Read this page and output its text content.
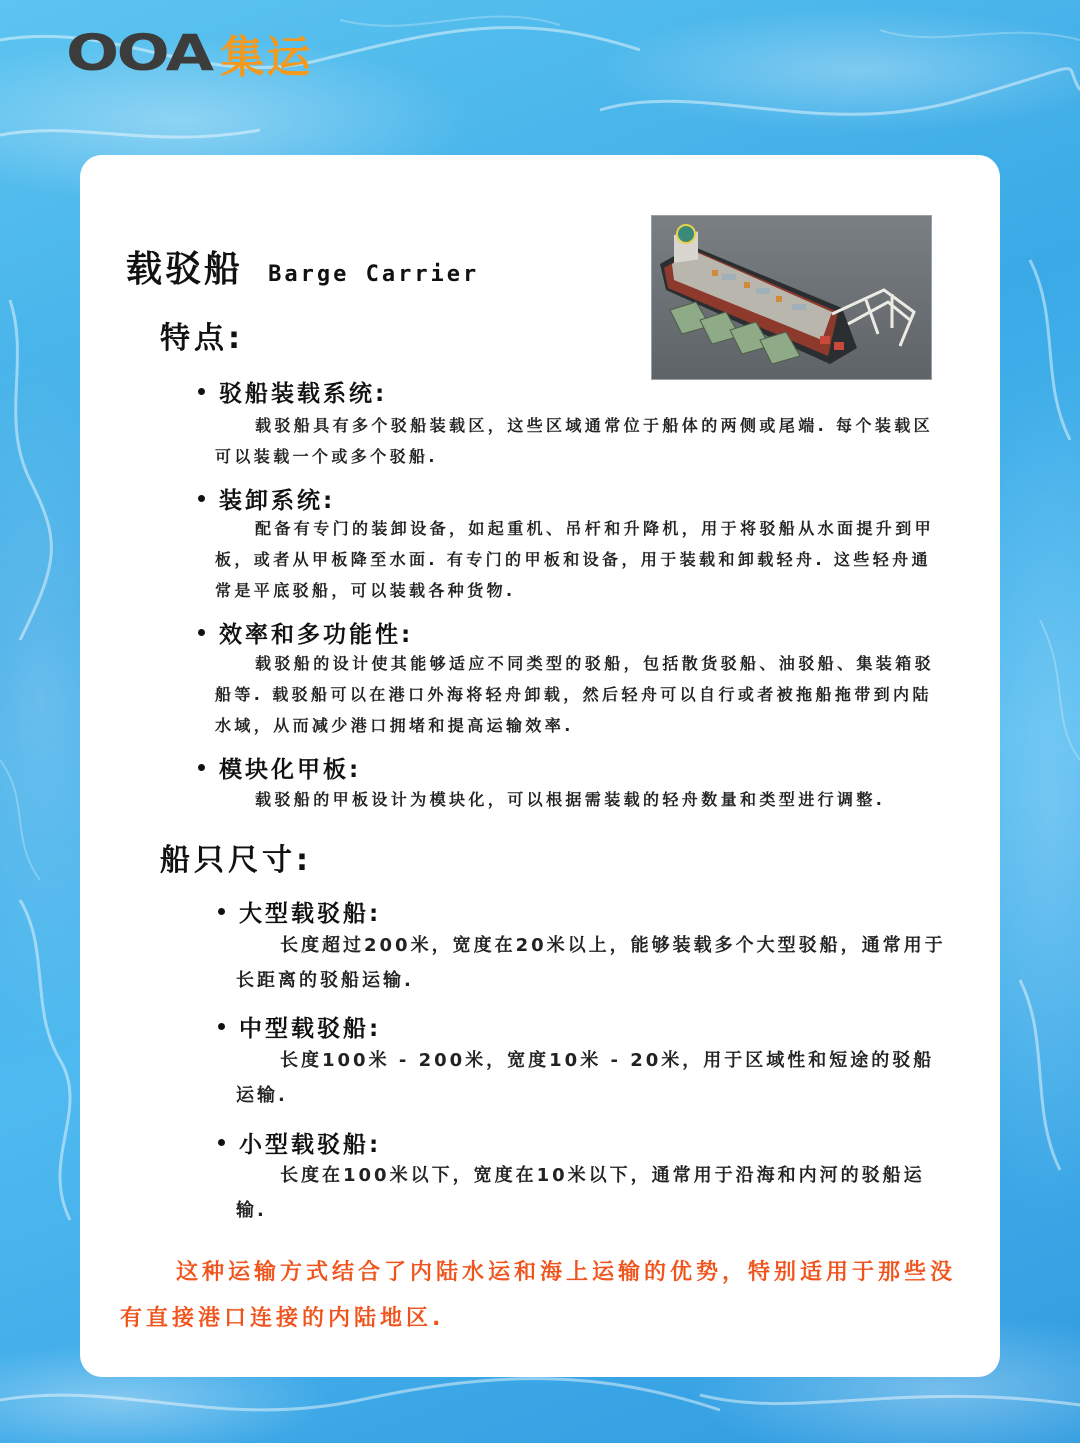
OOA 集运
载驳船 Barge Carrier
特点:
驳船装载系统:

载驳船具有多个驳船装载区，这些区域通常位于船体的两侧或尾端. 每个装载区可以装载一个或多个驳船.

装卸系统:

配备有专门的装卸设备，如起重机、吊杆和升降机，用于将驳船从水面提升到甲板，或者从甲板降至水面. 有专门的甲板和设备，用于装载和卸载轻舟. 这些轻舟通常是平底驳船，可以装载各种货物.

效率和多功能性:

载驳船的设计使其能够适应不同类型的驳船，包括散货驳船、油驳船、集装箱驳船等. 载驳船可以在港口外海将轻舟卸载，然后轻舟可以自行或者被拖船拖带到内陆水域，从而减少港口拥堵和提高运输效率.

模块化甲板:

载驳船的甲板设计为模块化，可以根据需装载的轻舟数量和类型进行调整.

船只尺寸:
大型载驳船:

长度超过200米，宽度在20米以上，能够装载多个大型驳船，通常用于长距离的驳船运输.

中型载驳船:

长度100米 - 200米，宽度10米 - 20米，用于区域性和短途的驳船运输.

小型载驳船:

长度在100米以下，宽度在10米以下，通常用于沿海和内河的驳船运输.

这种运输方式结合了内陆水运和海上运输的优势，特别适用于那些没有直接港口连接的内陆地区.
